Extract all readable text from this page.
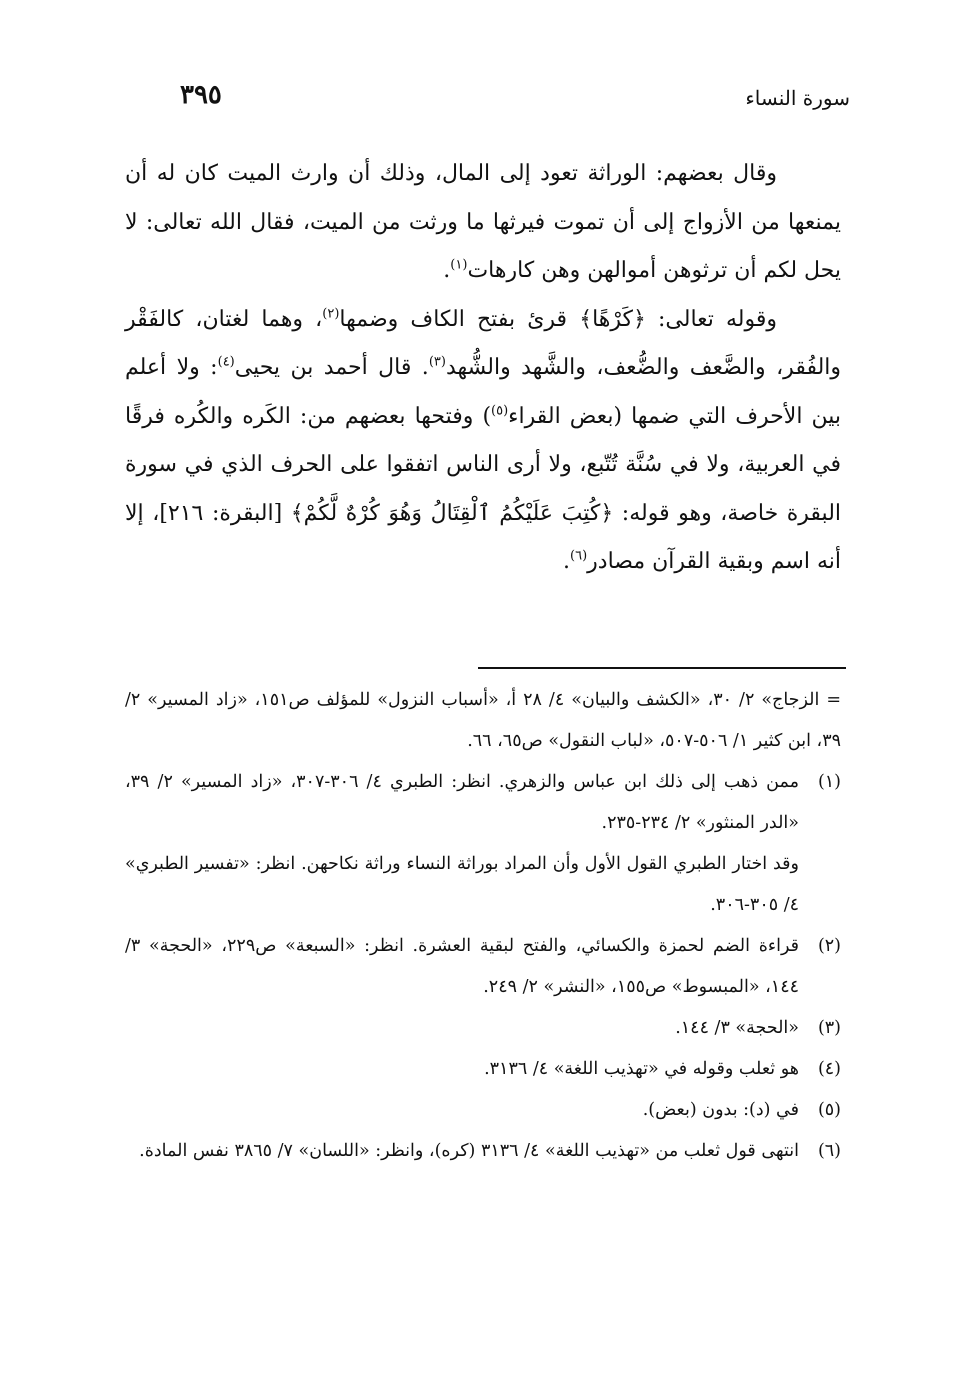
٣٩٥	سورة النساء

وقال بعضهم: الوراثة تعود إلى المال، وذلك أن وارث الميت كان له أن يمنعها من الأزواج إلى أن تموت فيرثها ما ورثت من الميت، فقال الله تعالى: لا يحل لكم أن ترثوهن أموالهن وهن كارهات$^{(١)}$.

وقوله تعالى: ﴿كَرْهًا﴾ قرئ بفتح الكاف وضمها$^{(٢)}$، وهما لغتان، كالفَقْر والفُقر، والضَّعف والضُّعف، والشَّهد والشُّهد$^{(٣)}$. قال أحمد بن يحيى$^{(٤)}$: ولا أعلم بين الأحرف التي ضمها (بعض القراء$^{(٥)}$) وفتحها بعضهم من: الكَره والكُره فرقًا في العربية، ولا في سُنَّة تُتّبع، ولا أرى الناس اتفقوا على الحرف الذي في سورة البقرة خاصة، وهو قوله: ﴿كُتِبَ عَلَيْكُمُ ٱلْقِتَالُ وَهُوَ كُرْهٌ لَّكُمْ﴾ [البقرة: ٢١٦]، إلا أنه اسم وبقية القرآن مصادر$^{(٦)}$.

= الزجاج» ٢/ ٣٠، «الكشف والبيان» ٤/ ٢٨ أ، «أسباب النزول» للمؤلف ص١٥١، «زاد المسير» ٢/ ٣٩، ابن كثير ١/ ٥٠٦-٥٠٧، «لباب النقول» ص٦٥، ٦٦.

(١)

ممن ذهب إلى ذلك ابن عباس والزهري. انظر: الطبري ٤/ ٣٠٦-٣٠٧، «زاد المسير» ٢/ ٣٩، «الدر المنثور» ٢/ ٢٣٤-٢٣٥.

وقد اختار الطبري القول الأول وأن المراد بوراثة النساء وراثة نكاحهن. انظر: «تفسير الطبري» ٤/ ٣٠٥-٣٠٦.

(٢)

قراءة الضم لحمزة والكسائي، والفتح لبقية العشرة. انظر: «السبعة» ص٢٢٩، «الحجة» ٣/ ١٤٤، «المبسوط» ص١٥٥، «النشر» ٢/ ٢٤٩.

(٣)

«الحجة» ٣/ ١٤٤.

(٤)

هو ثعلب وقوله في «تهذيب اللغة» ٤/ ٣١٣٦.

(٥)

في (د): بدون (بعض).

(٦)

انتهى قول ثعلب من «تهذيب اللغة» ٤/ ٣١٣٦ (كره)، وانظر: «اللسان» ٧/ ٣٨٦٥ نفس المادة.
